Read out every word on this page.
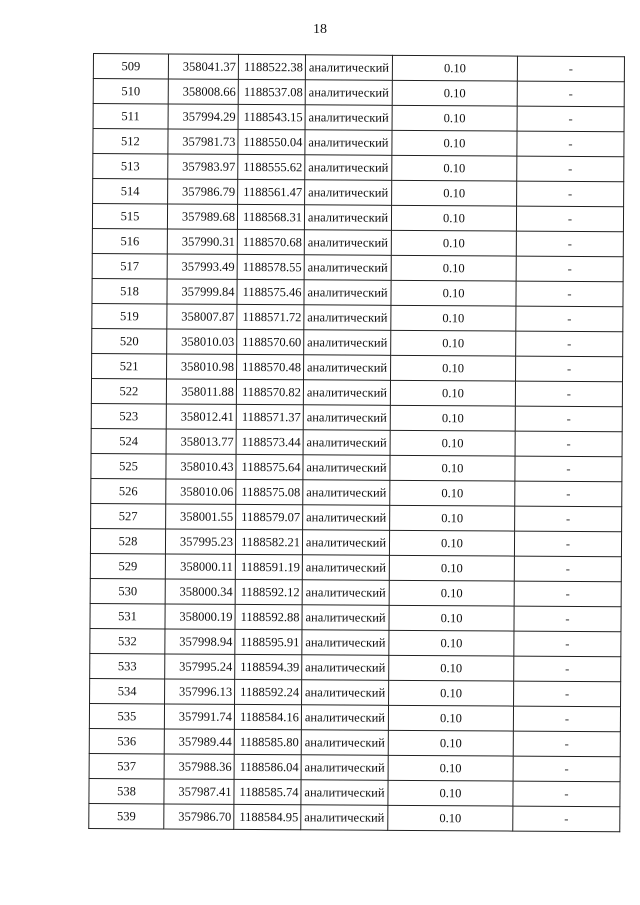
18
509	358041.37	1188522.38	аналитический	0.10	-
510	358008.66	1188537.08	аналитический	0.10	-
511	357994.29	1188543.15	аналитический	0.10	-
512	357981.73	1188550.04	аналитический	0.10	-
513	357983.97	1188555.62	аналитический	0.10	-
514	357986.79	1188561.47	аналитический	0.10	-
515	357989.68	1188568.31	аналитический	0.10	-
516	357990.31	1188570.68	аналитический	0.10	-
517	357993.49	1188578.55	аналитический	0.10	-
518	357999.84	1188575.46	аналитический	0.10	-
519	358007.87	1188571.72	аналитический	0.10	-
520	358010.03	1188570.60	аналитический	0.10	-
521	358010.98	1188570.48	аналитический	0.10	-
522	358011.88	1188570.82	аналитический	0.10	-
523	358012.41	1188571.37	аналитический	0.10	-
524	358013.77	1188573.44	аналитический	0.10	-
525	358010.43	1188575.64	аналитический	0.10	-
526	358010.06	1188575.08	аналитический	0.10	-
527	358001.55	1188579.07	аналитический	0.10	-
528	357995.23	1188582.21	аналитический	0.10	-
529	358000.11	1188591.19	аналитический	0.10	-
530	358000.34	1188592.12	аналитический	0.10	-
531	358000.19	1188592.88	аналитический	0.10	-
532	357998.94	1188595.91	аналитический	0.10	-
533	357995.24	1188594.39	аналитический	0.10	-
534	357996.13	1188592.24	аналитический	0.10	-
535	357991.74	1188584.16	аналитический	0.10	-
536	357989.44	1188585.80	аналитический	0.10	-
537	357988.36	1188586.04	аналитический	0.10	-
538	357987.41	1188585.74	аналитический	0.10	-
539	357986.70	1188584.95	аналитический	0.10	-
